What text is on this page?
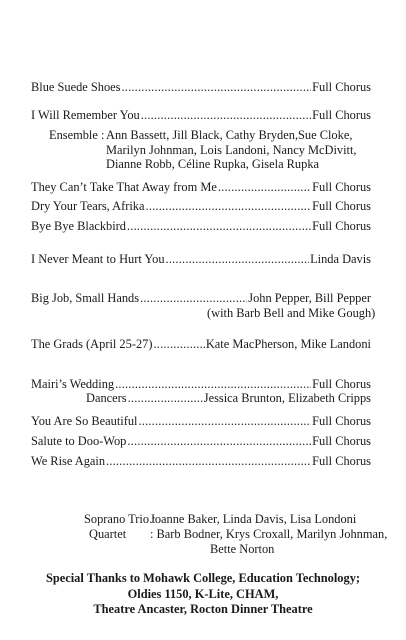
Blue Suede Shoes .....	Full Chorus
I Will Remember You .....	Full Chorus
Ensemble : Ann Bassett, Jill Black, Cathy Bryden,Sue Cloke,
Marilyn Johnman, Lois Landoni, Nancy McDivitt,
Dianne Robb, Céline Rupka, Gisela Rupka
They Can’t Take That Away from Me .....	Full Chorus
Dry Your Tears, Afrika .....	Full Chorus
Bye Bye Blackbird .....	Full Chorus
I Never Meant to Hurt You .....	Linda Davis
Big Job, Small Hands .....	John Pepper, Bill Pepper
(with Barb Bell and Mike Gough)
The Grads (April 25-27) .....	Kate MacPherson, Mike Landoni
Mairi’s Wedding .....	Full Chorus
Dancers .....	Jessica Brunton, Elizabeth Cripps
You Are So Beautiful .....	Full Chorus
Salute to Doo-Wop .....	Full Chorus
We Rise Again .....	Full Chorus
Soprano Trio :
Joanne Baker, Linda Davis, Lisa Londoni
Quartet	: Barb Bodner, Krys Croxall, Marilyn Johnman,
Bette Norton
Special Thanks to Mohawk College, Education Technology;
Oldies 1150, K-Lite, CHAM,
Theatre Ancaster, Rocton Dinner Theatre
